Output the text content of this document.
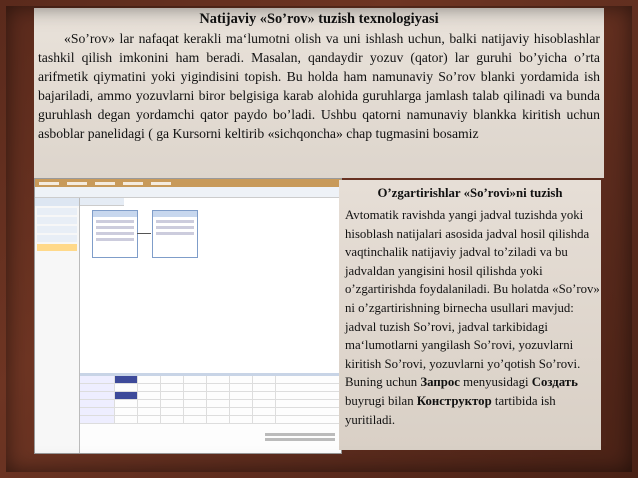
Natijaviy «So’rov» tuzish texnologiyasi
«So’rov» lar nafaqat kerakli ma‘lumotni olish va uni ishlash uchun, balki natijaviy hisoblashlar tashkil qilish imkonini ham beradi. Masalan, qandaydir yozuv (qator) lar guruhi bo’yicha o’rta arifmetik qiymatini yoki yigindisini topish. Bu holda ham namunaviy So’rov blanki yordamida ish bajariladi, ammo yozuvlarni biror belgisiga karab alohida guruhlarga jamlash talab qilinadi va bunda guruhlash degan yordamchi qator paydo bo’ladi. Ushbu qatorni namunaviy blankka kiritish uchun asboblar panelidagi ( ga Kursorni keltirib «sichqoncha» chap tugmasini bosamiz
O’zgartirishlar «So’rovi»ni tuzish
Avtomatik ravishda yangi jadval tuzishda yoki hisoblash natijalari asosida jadval hosil qilishda vaqtinchalik natijaviy jadval to’ziladi va bu jadvaldan yangisini hosil qilishda yoki o’zgartirishda foydalaniladi. Bu holatda «So’rov» ni o’zgartirishning birnecha usullari mavjud: jadval tuzish So’rovi, jadval tarkibidagi ma‘lumotlarni yangilash So’rovi, yozuvlarni kiritish So’rovi, yozuvlarni yo’qotish So’rovi. Buning uchun Запрос menyusidagi Создать buyrugi bilan Конструктор tartibida ish yuritiladi.
